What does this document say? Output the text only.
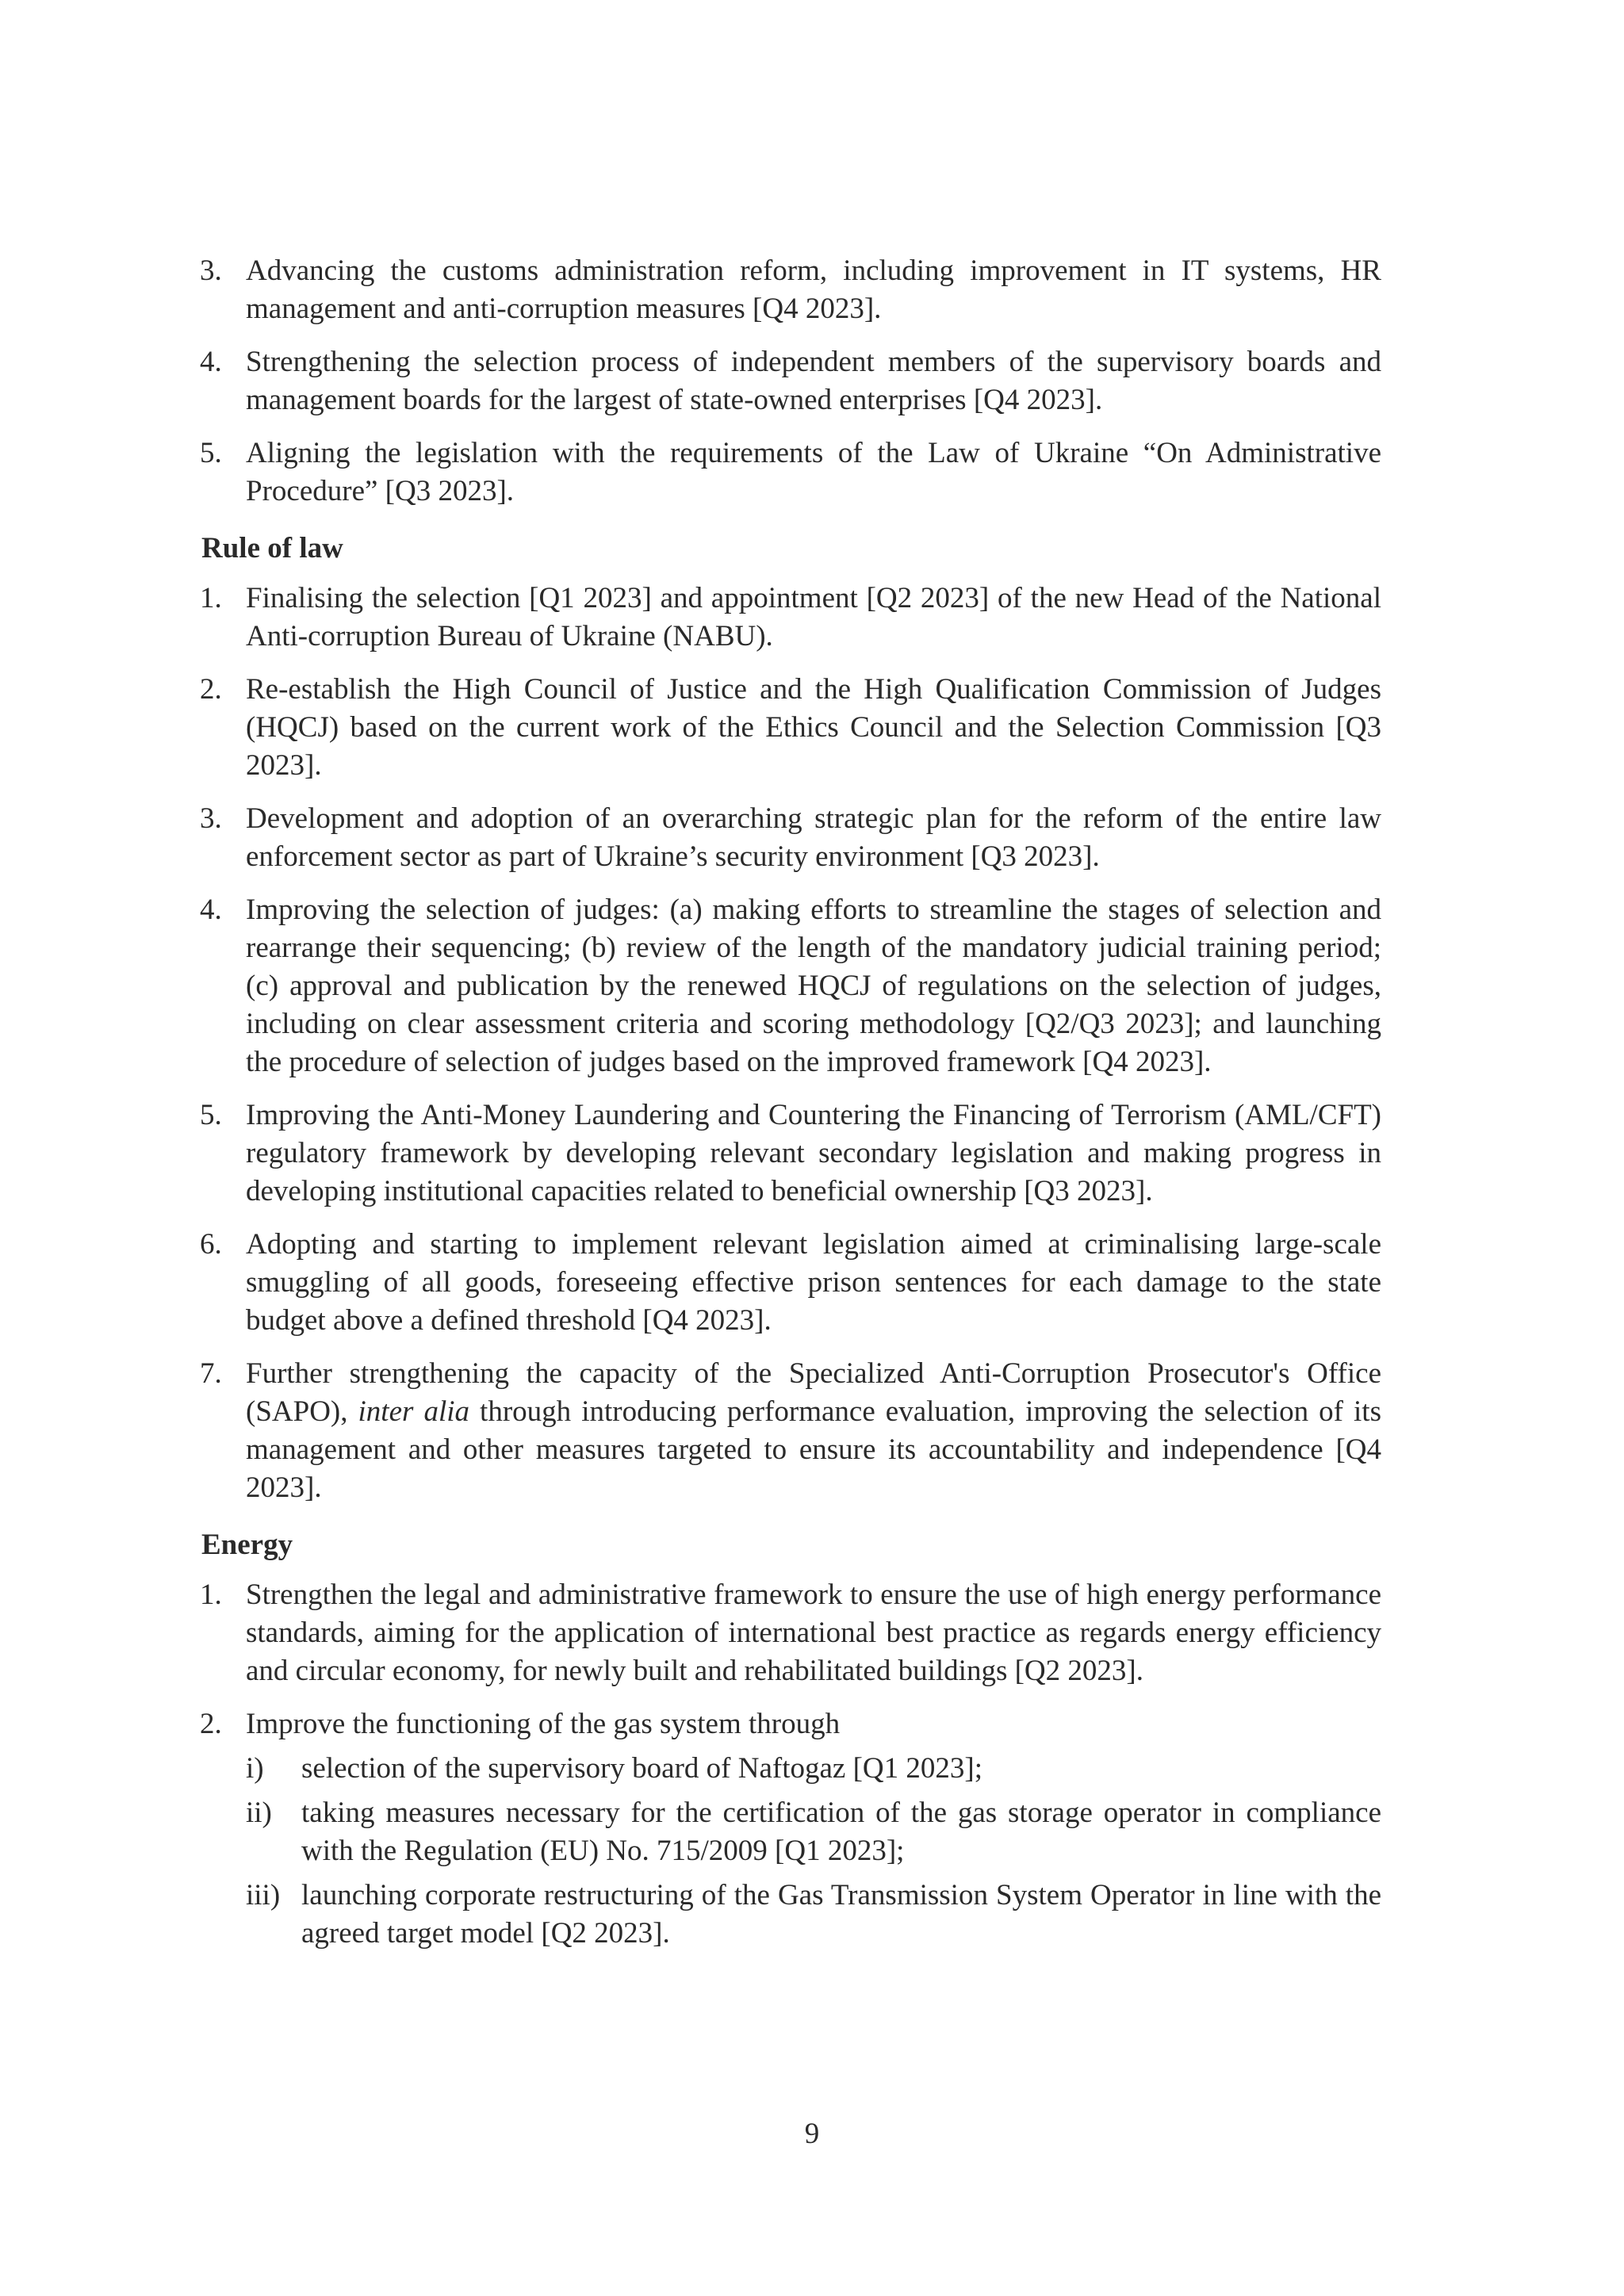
3. Advancing the customs administration reform, including improvement in IT systems, HR management and anti-corruption measures [Q4 2023].
4. Strengthening the selection process of independent members of the supervisory boards and management boards for the largest of state-owned enterprises [Q4 2023].
5. Aligning the legislation with the requirements of the Law of Ukraine “On Administrative Procedure” [Q3 2023].
Rule of law
1. Finalising the selection [Q1 2023] and appointment [Q2 2023] of the new Head of the National Anti-corruption Bureau of Ukraine (NABU).
2. Re-establish the High Council of Justice and the High Qualification Commission of Judges (HQCJ) based on the current work of the Ethics Council and the Selection Commission [Q3 2023].
3. Development and adoption of an overarching strategic plan for the reform of the entire law enforcement sector as part of Ukraine’s security environment [Q3 2023].
4. Improving the selection of judges: (a) making efforts to streamline the stages of selection and rearrange their sequencing; (b) review of the length of the mandatory judicial training period; (c) approval and publication by the renewed HQCJ of regulations on the selection of judges, including on clear assessment criteria and scoring methodology [Q2/Q3 2023]; and launching the procedure of selection of judges based on the improved framework [Q4 2023].
5. Improving the Anti-Money Laundering and Countering the Financing of Terrorism (AML/CFT) regulatory framework by developing relevant secondary legislation and making progress in developing institutional capacities related to beneficial ownership [Q3 2023].
6. Adopting and starting to implement relevant legislation aimed at criminalising large-scale smuggling of all goods, foreseeing effective prison sentences for each damage to the state budget above a defined threshold [Q4 2023].
7. Further strengthening the capacity of the Specialized Anti-Corruption Prosecutor's Office (SAPO), inter alia through introducing performance evaluation, improving the selection of its management and other measures targeted to ensure its accountability and independence [Q4 2023].
Energy
1. Strengthen the legal and administrative framework to ensure the use of high energy performance standards, aiming for the application of international best practice as regards energy efficiency and circular economy, for newly built and rehabilitated buildings [Q2 2023].
2. Improve the functioning of the gas system through
i) selection of the supervisory board of Naftogaz [Q1 2023];
ii) taking measures necessary for the certification of the gas storage operator in compliance with the Regulation (EU) No. 715/2009 [Q1 2023];
iii) launching corporate restructuring of the Gas Transmission System Operator in line with the agreed target model [Q2 2023].
9
